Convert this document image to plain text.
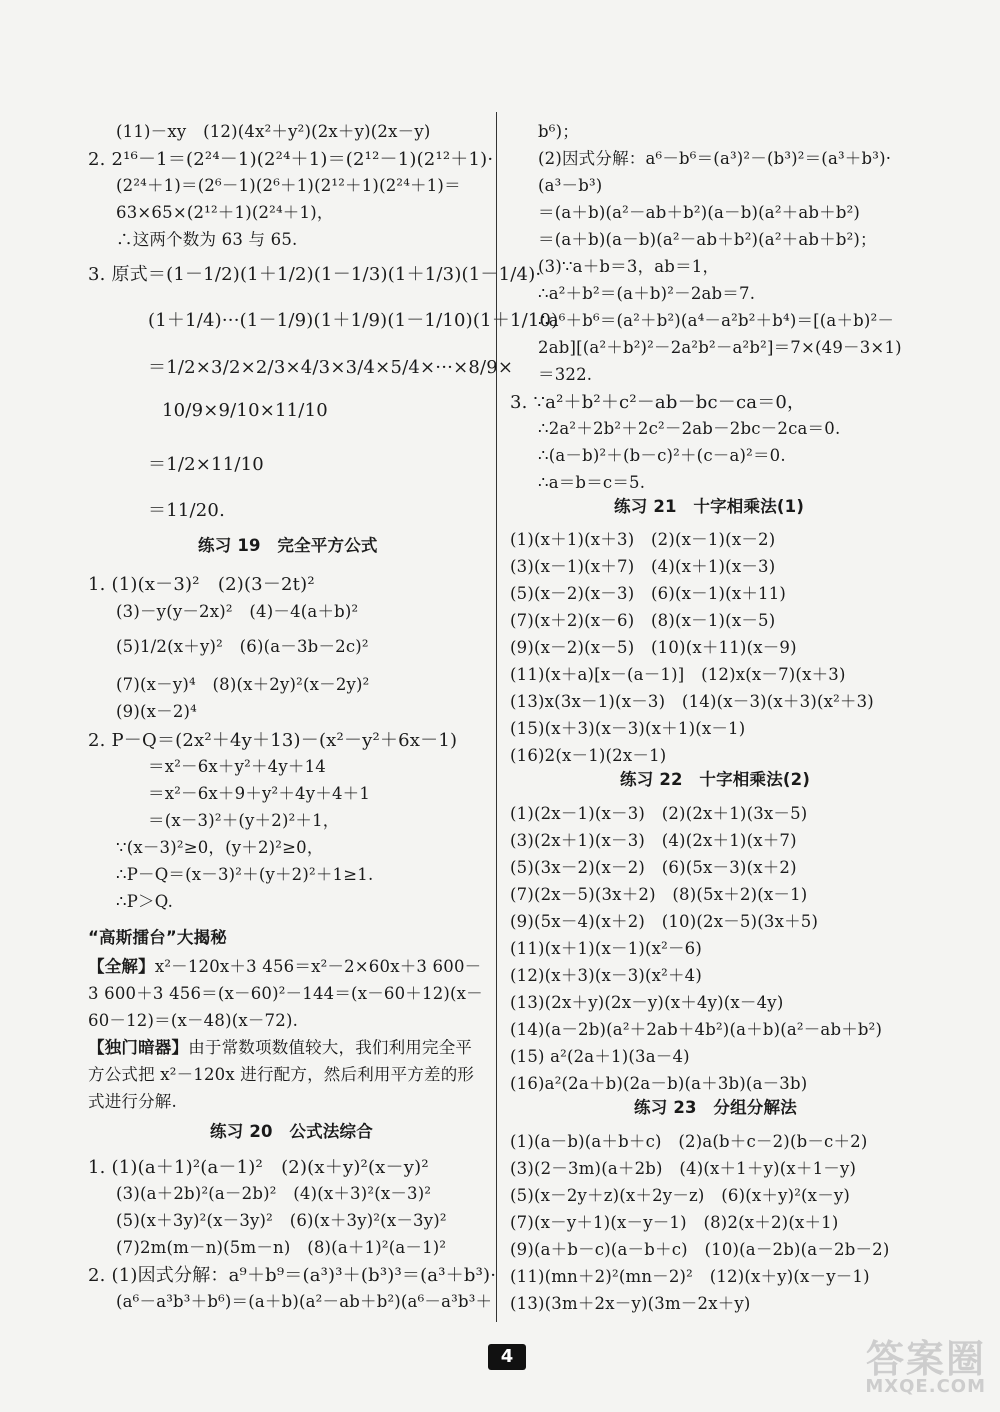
(11)－xy　(12)(4x²＋y²)(2x＋y)(2x－y)
2. 2¹⁶－1＝(2²⁴－1)(2²⁴＋1)＝(2¹²－1)(2¹²＋1)·
(2²⁴＋1)＝(2⁶－1)(2⁶＋1)(2¹²＋1)(2²⁴＋1)＝
63×65×(2¹²＋1)(2²⁴＋1)，
∴这两个数为 63 与 65.
3. 原式＝(1－1/2)(1＋1/2)(1－1/3)(1＋1/3)(1－1/4)·
(1＋1/4)···(1－1/9)(1＋1/9)(1－1/10)(1＋1/10)
＝1/2×3/2×2/3×4/3×3/4×5/4×···×8/9×
10/9×9/10×11/10
＝1/2×11/10
＝11/20.
练习 19　完全平方公式
1. (1)(x－3)²　(2)(3－2t)²
(3)－y(y－2x)²　(4)－4(a＋b)²
(5)1/2(x＋y)²　(6)(a－3b－2c)²
(7)(x－y)⁴　(8)(x＋2y)²(x－2y)²
(9)(x－2)⁴
2. P－Q＝(2x²＋4y＋13)－(x²－y²＋6x－1)
＝x²－6x＋y²＋4y＋14
＝x²－6x＋9＋y²＋4y＋4＋1
＝(x－3)²＋(y＋2)²＋1，
∵(x－3)²≥0，(y＋2)²≥0，
∴P－Q＝(x－3)²＋(y＋2)²＋1≥1.
∴P＞Q.
“高斯擂台”大揭秘
【全解】x²－120x＋3 456＝x²－2×60x＋3 600－
3 600＋3 456＝(x－60)²－144＝(x－60＋12)(x－
60－12)＝(x－48)(x－72).
【独门暗器】由于常数项数值较大，我们利用完全平
方公式把 x²－120x 进行配方，然后利用平方差的形
式进行分解.
练习 20　公式法综合
1. (1)(a＋1)²(a－1)²　(2)(x＋y)²(x－y)²
(3)(a＋2b)²(a－2b)²　(4)(x＋3)²(x－3)²
(5)(x＋3y)²(x－3y)²　(6)(x＋3y)²(x－3y)²
(7)2m(m－n)(5m－n)　(8)(a＋1)²(a－1)²
2. (1)因式分解：a⁹＋b⁹＝(a³)³＋(b³)³＝(a³＋b³)·
(a⁶－a³b³＋b⁶)＝(a＋b)(a²－ab＋b²)(a⁶－a³b³＋
b⁶)；
(2)因式分解：a⁶－b⁶＝(a³)²－(b³)²＝(a³＋b³)·
(a³－b³)
＝(a＋b)(a²－ab＋b²)(a－b)(a²＋ab＋b²)
＝(a＋b)(a－b)(a²－ab＋b²)(a²＋ab＋b²)；
(3)∵a＋b＝3，ab＝1，
∴a²＋b²＝(a＋b)²－2ab＝7.
∴a⁶＋b⁶＝(a²＋b²)(a⁴－a²b²＋b⁴)＝[(a＋b)²－
2ab][(a²＋b²)²－2a²b²－a²b²]＝7×(49－3×1)
＝322.
3. ∵a²＋b²＋c²－ab－bc－ca＝0，
∴2a²＋2b²＋2c²－2ab－2bc－2ca＝0.
∴(a－b)²＋(b－c)²＋(c－a)²＝0.
∴a＝b＝c＝5.
练习 21　十字相乘法(1)
(1)(x＋1)(x＋3)　(2)(x－1)(x－2)
(3)(x－1)(x＋7)　(4)(x＋1)(x－3)
(5)(x－2)(x－3)　(6)(x－1)(x＋11)
(7)(x＋2)(x－6)　(8)(x－1)(x－5)
(9)(x－2)(x－5)　(10)(x＋11)(x－9)
(11)(x＋a)[x－(a－1)]　(12)x(x－7)(x＋3)
(13)x(3x－1)(x－3)　(14)(x－3)(x＋3)(x²＋3)
(15)(x＋3)(x－3)(x＋1)(x－1)
(16)2(x－1)(2x－1)
练习 22　十字相乘法(2)
(1)(2x－1)(x－3)　(2)(2x＋1)(3x－5)
(3)(2x＋1)(x－3)　(4)(2x＋1)(x＋7)
(5)(3x－2)(x－2)　(6)(5x－3)(x＋2)
(7)(2x－5)(3x＋2)　(8)(5x＋2)(x－1)
(9)(5x－4)(x＋2)　(10)(2x－5)(3x＋5)
(11)(x＋1)(x－1)(x²－6)
(12)(x＋3)(x－3)(x²＋4)
(13)(2x＋y)(2x－y)(x＋4y)(x－4y)
(14)(a－2b)(a²＋2ab＋4b²)(a＋b)(a²－ab＋b²)
(15) a²(2a＋1)(3a－4)
(16)a²(2a＋b)(2a－b)(a＋3b)(a－3b)
练习 23　分组分解法
(1)(a－b)(a＋b＋c)　(2)a(b＋c－2)(b－c＋2)
(3)(2－3m)(a＋2b)　(4)(x＋1＋y)(x＋1－y)
(5)(x－2y＋z)(x＋2y－z)　(6)(x＋y)²(x－y)
(7)(x－y＋1)(x－y－1)　(8)2(x＋2)(x＋1)
(9)(a＋b－c)(a－b＋c)　(10)(a－2b)(a－2b－2)
(11)(mn＋2)²(mn－2)²　(12)(x＋y)(x－y－1)
(13)(3m＋2x－y)(3m－2x＋y)
4	答案圈
MXQE.COM
